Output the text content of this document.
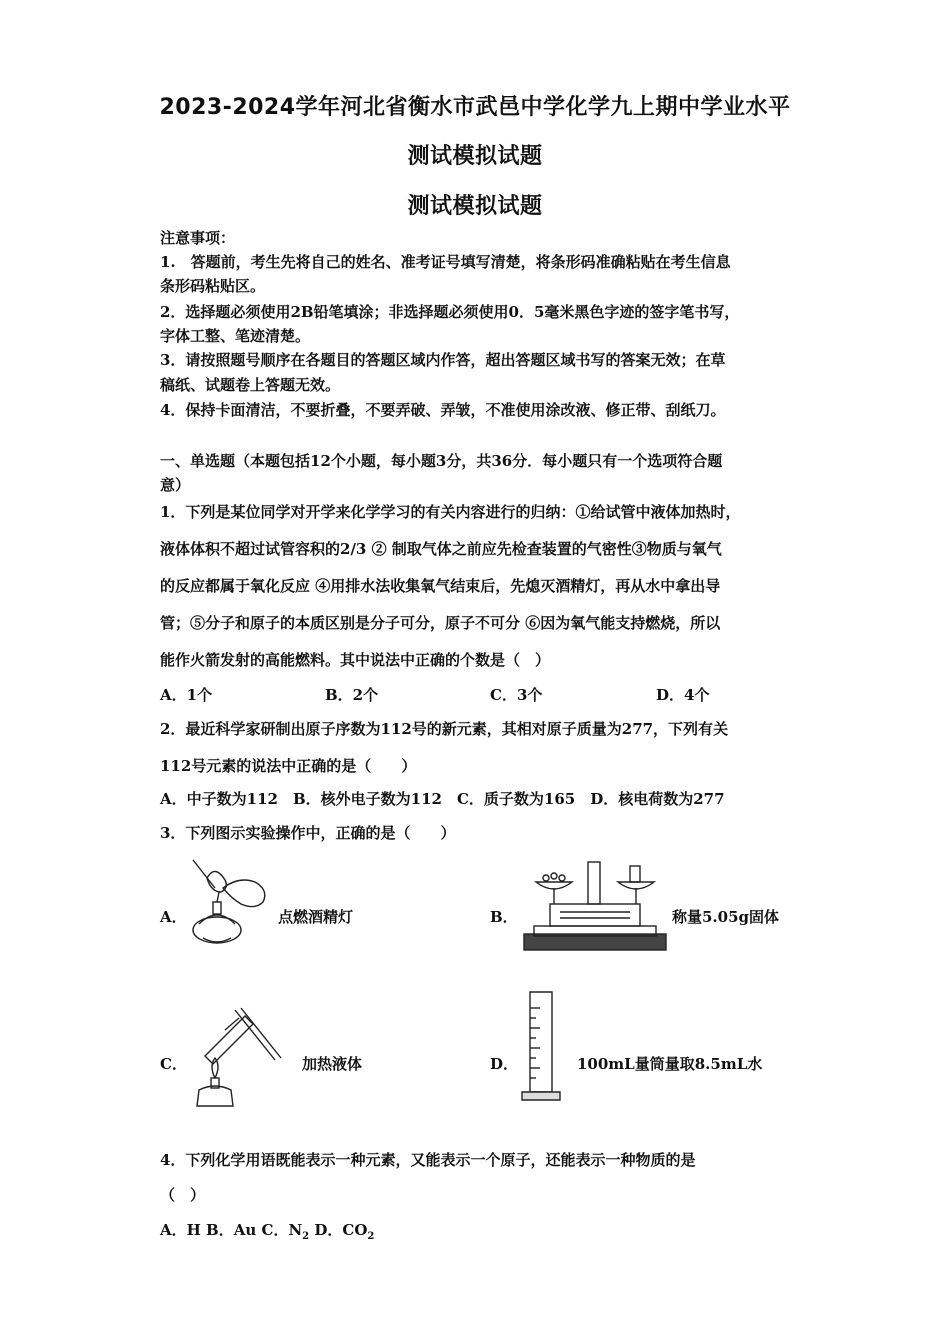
2023-2024学年河北省衡水市武邑中学化学九上期中学业水平
测试模拟试题
测试模拟试题
注意事项：
1.　答题前，考生先将自己的姓名、准考证号填写清楚，将条形码准确粘贴在考生信息
条形码粘贴区。
2．选择题必须使用2B铅笔填涂；非选择题必须使用0．5毫米黑色字迹的签字笔书写，
字体工整、笔迹清楚。
3．请按照题号顺序在各题目的答题区域内作答，超出答题区域书写的答案无效；在草
稿纸、试题卷上答题无效。
4．保持卡面清洁，不要折叠，不要弄破、弄皱，不准使用涂改液、修正带、刮纸刀。
一、单选题（本题包括12个小题，每小题3分，共36分．每小题只有一个选项符合题
意）
1．下列是某位同学对开学来化学学习的有关内容进行的归纳：①给试管中液体加热时，
液体体积不超过试管容积的2/3 ② 制取气体之前应先检查装置的气密性③物质与氧气
的反应都属于氧化反应 ④用排水法收集氧气结束后，先熄灭酒精灯，再从水中拿出导
管；⑤分子和原子的本质区别是分子可分，原子不可分 ⑥因为氧气能支持燃烧，所以
能作火箭发射的高能燃料。其中说法中正确的个数是（　）
A．1个	B．2个	C．3个	D．4个
2．最近科学家研制出原子序数为112号的新元素，其相对原子质量为277，下列有关
112号元素的说法中正确的是（　　）
A．中子数为112　B．核外电子数为112　C．质子数为165　D．核电荷数为277
3．下列图示实验操作中，正确的是（　　）
A．	点燃酒精灯	B．	称量5.05g固体
C．	加热液体	D．	100mL量筒量取8.5mL水
4．下列化学用语既能表示一种元素，又能表示一个原子，还能表示一种物质的是
（　）
A．H B．Au C．$N_2$ D．$CO_2$
